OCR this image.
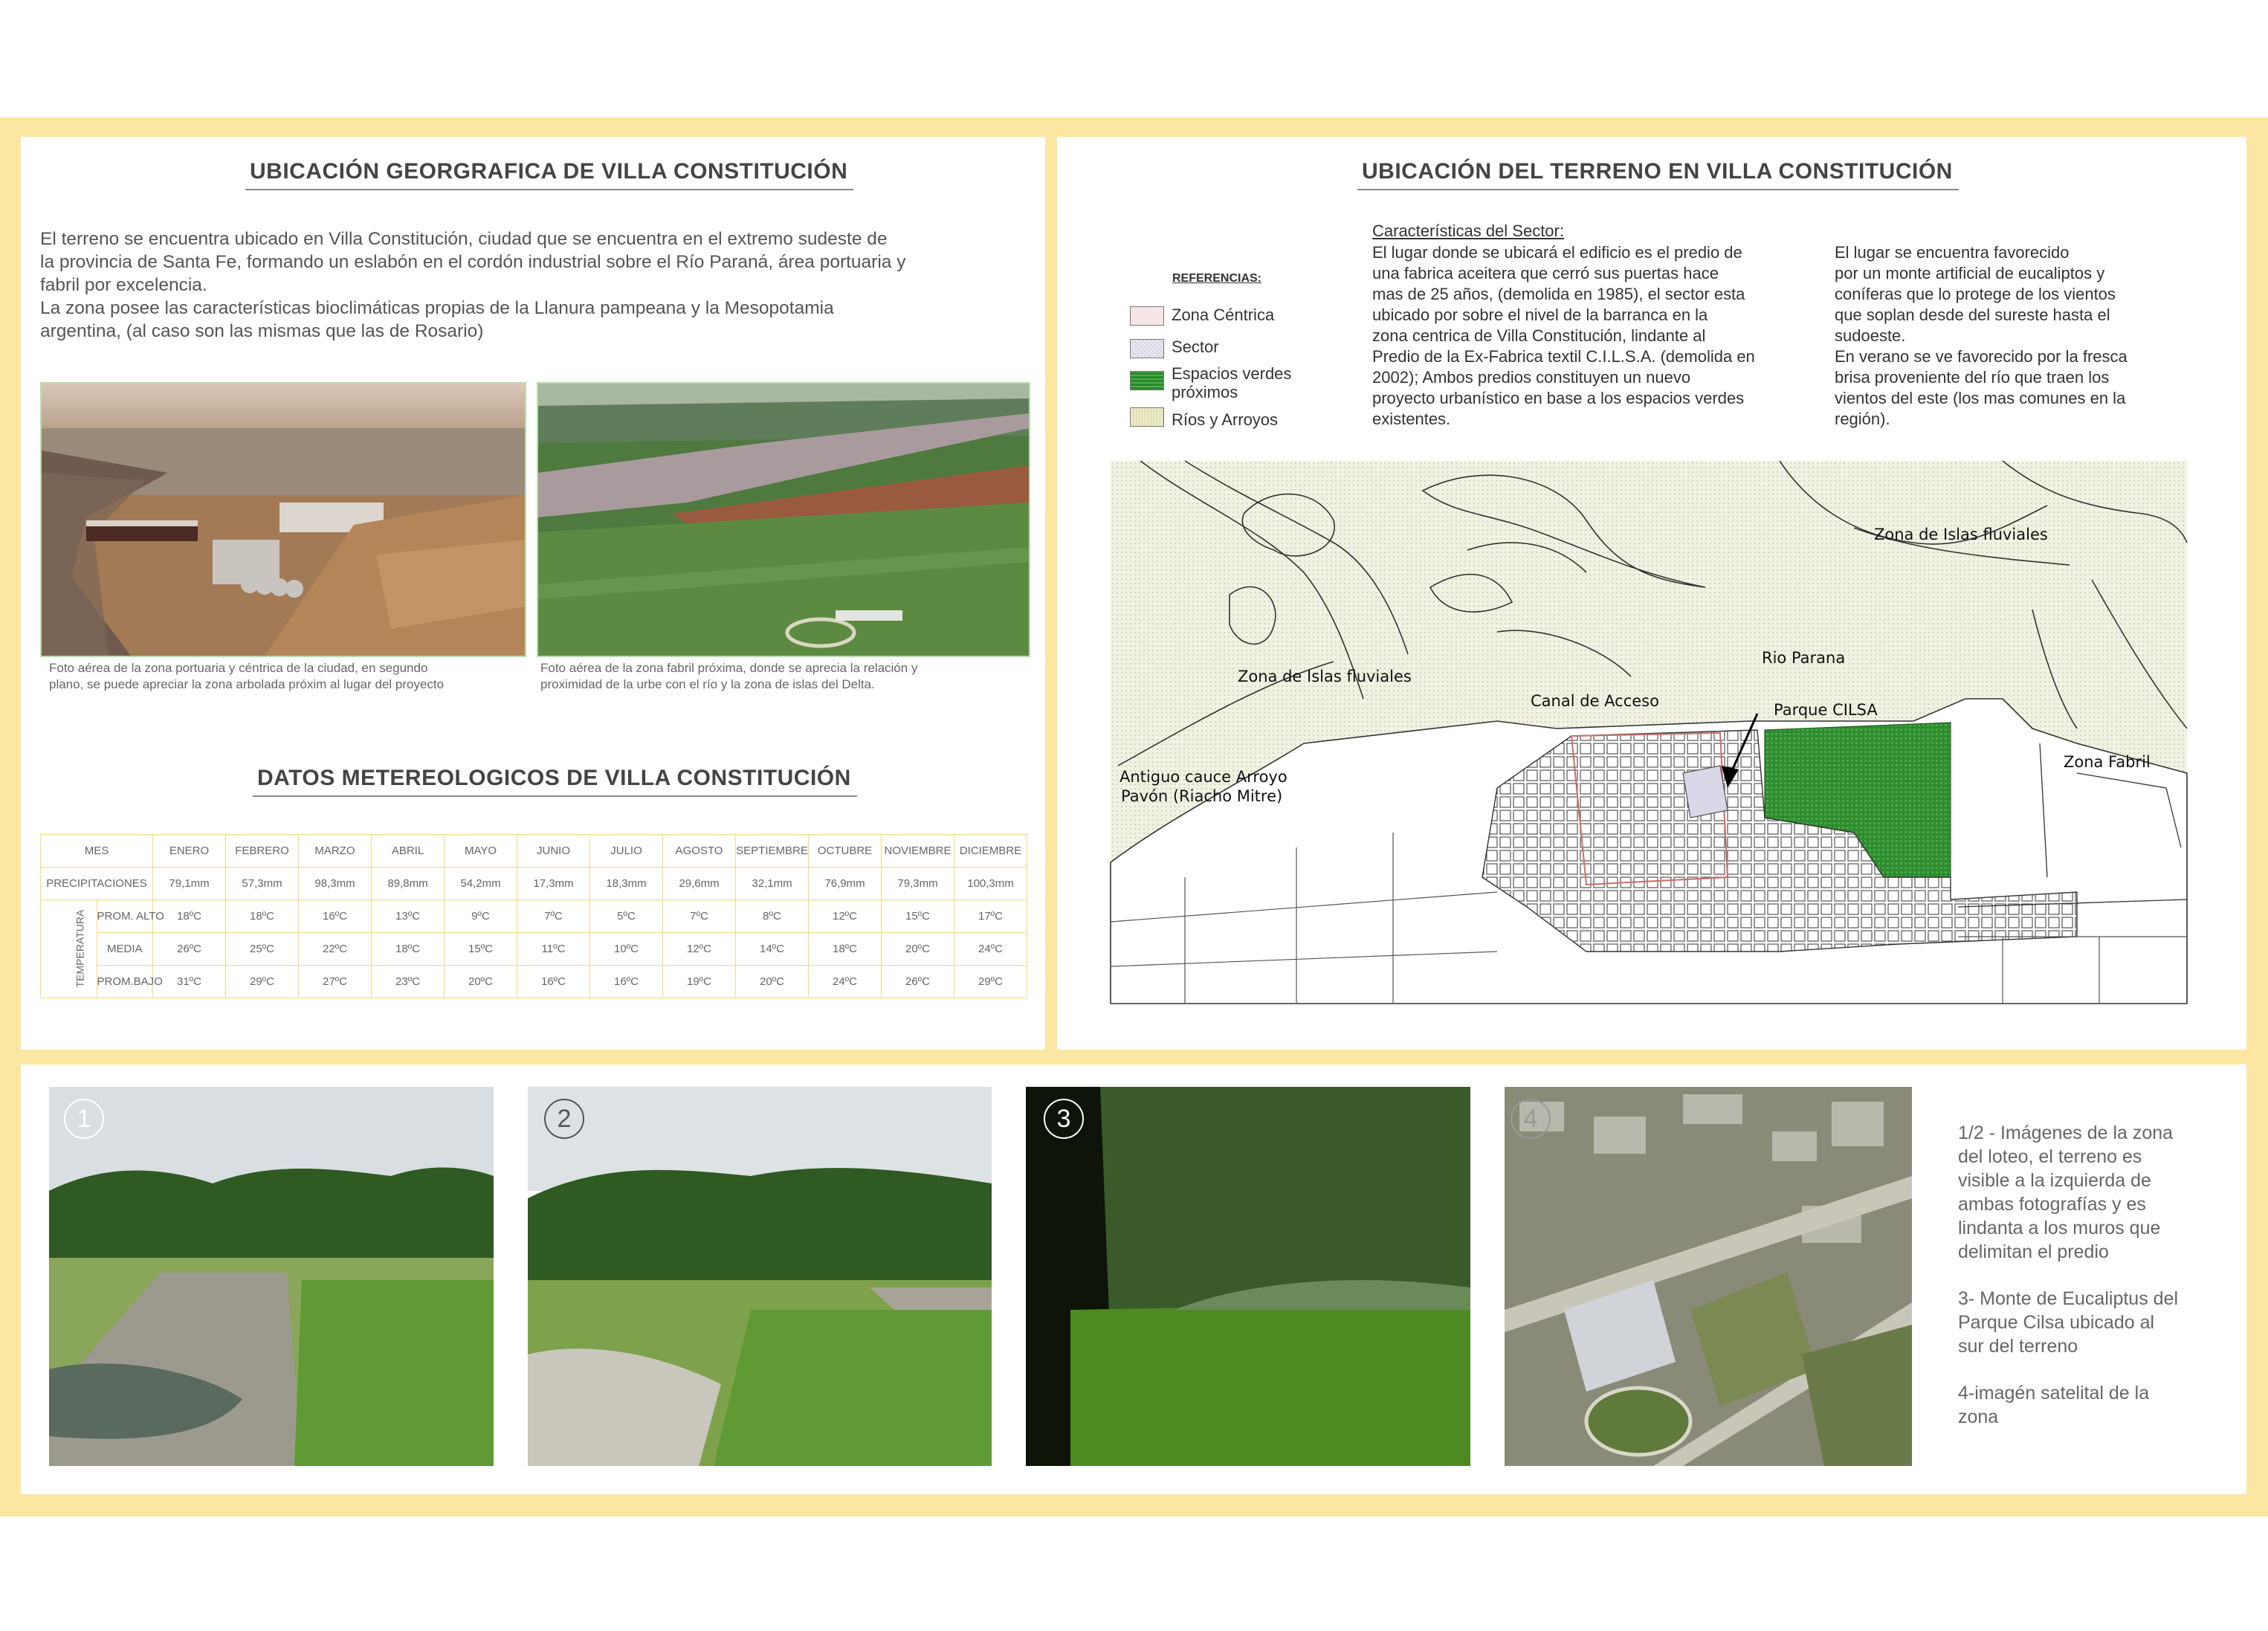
UBICACIÓN GEORGRAFICA DE VILLA CONSTITUCIÓN

El terreno se encuentra ubicado en Villa Constitución, ciudad que se encuentra en el extremo sudeste de

la provincia de Santa Fe, formando un eslabón en el cordón industrial sobre el Río Paraná, área portuaria y

fabril por excelencia.

La zona posee las características bioclimáticas propias de la Llanura pampeana y la Mesopotamia

argentina, (al caso son las mismas que las de Rosario)

Foto aérea de la zona portuaria y céntrica de la ciudad, en segundo
plano, se puede apreciar la zona arbolada próxim al lugar del proyecto
Foto aérea de la zona fabril próxima, donde se aprecia la relación y
proximidad de la urbe con el río y la zona de islas del Delta.
DATOS METEREOLOGICOS DE VILLA CONSTITUCIÓN
MES		ENERO	FEBRERO	MARZO	ABRIL	MAYO	JUNIO	JULIO	AGOSTO	SEPTIEMBRE	OCTUBRE	NOVIEMBRE	DICIEMBRE
PRECIPITACIONES		79,1mm	57,3mm	98,3mm	89,8mm	54,2mm	17,3mm	18,3mm	29,6mm	32,1mm	76,9mm	79,3mm	100,3mm
TEMPERATURA	PROM. ALTO	18ºC	18ºC	16ºC	13ºC	9ºC	7ºC	5ºC	7ºC	8ºC	12ºC	15ºC	17ºC
	MEDIA	26ºC	25ºC	22ºC	18ºC	15ºC	11ºC	10ºC	12ºC	14ºC	18ºC	20ºC	24ºC
	PROM.BAJO	31ºC	29ºC	27ºC	23ºC	20ºC	16ºC	16ºC	19ºC	20ºC	24ºC	26ºC	29ºC
UBICACIÓN DEL TERRENO EN VILLA CONSTITUCIÓN
REFERENCIAS:
Zona Céntrica
Sector
Espacios verdes
próximos
Ríos y Arroyos
Características del Sector:

El lugar donde se ubicará el edificio es el predio de

una fabrica aceitera que cerró sus puertas hace

mas de 25 años, (demolida en 1985), el sector esta

ubicado por sobre el nivel de la barranca en la

zona centrica de Villa Constitución, lindante al

Predio de la Ex-Fabrica textil C.I.L.S.A. (demolida en

2002); Ambos predios constituyen un nuevo

proyecto urbanístico en base a los espacios verdes

existentes.

El lugar se encuentra favorecido

por un monte artificial de eucaliptos y

coníferas que lo protege de los vientos

que soplan desde del sureste hasta el

sudoeste.

En verano se ve favorecido por la fresca

brisa proveniente del río que traen los

vientos del este (los mas comunes en la

región).

Zona de Islas fluviales
Zona de Islas fluviales
Rio Parana
Canal de Acceso	Parque CILSA
Zona Fabril
Antiguo cauce Arroyo
Pavón (Riacho Mitre)
1	2	3	4	1/2 - Imágenes de la zona
del loteo, el terreno es
visible a la izquierda de
ambas fotografías y es
lindanta a los muros que
delimitan el predio

3- Monte de Eucaliptus del
Parque Cilsa ubicado al
sur del terreno

4-imagén satelital de la
zona
